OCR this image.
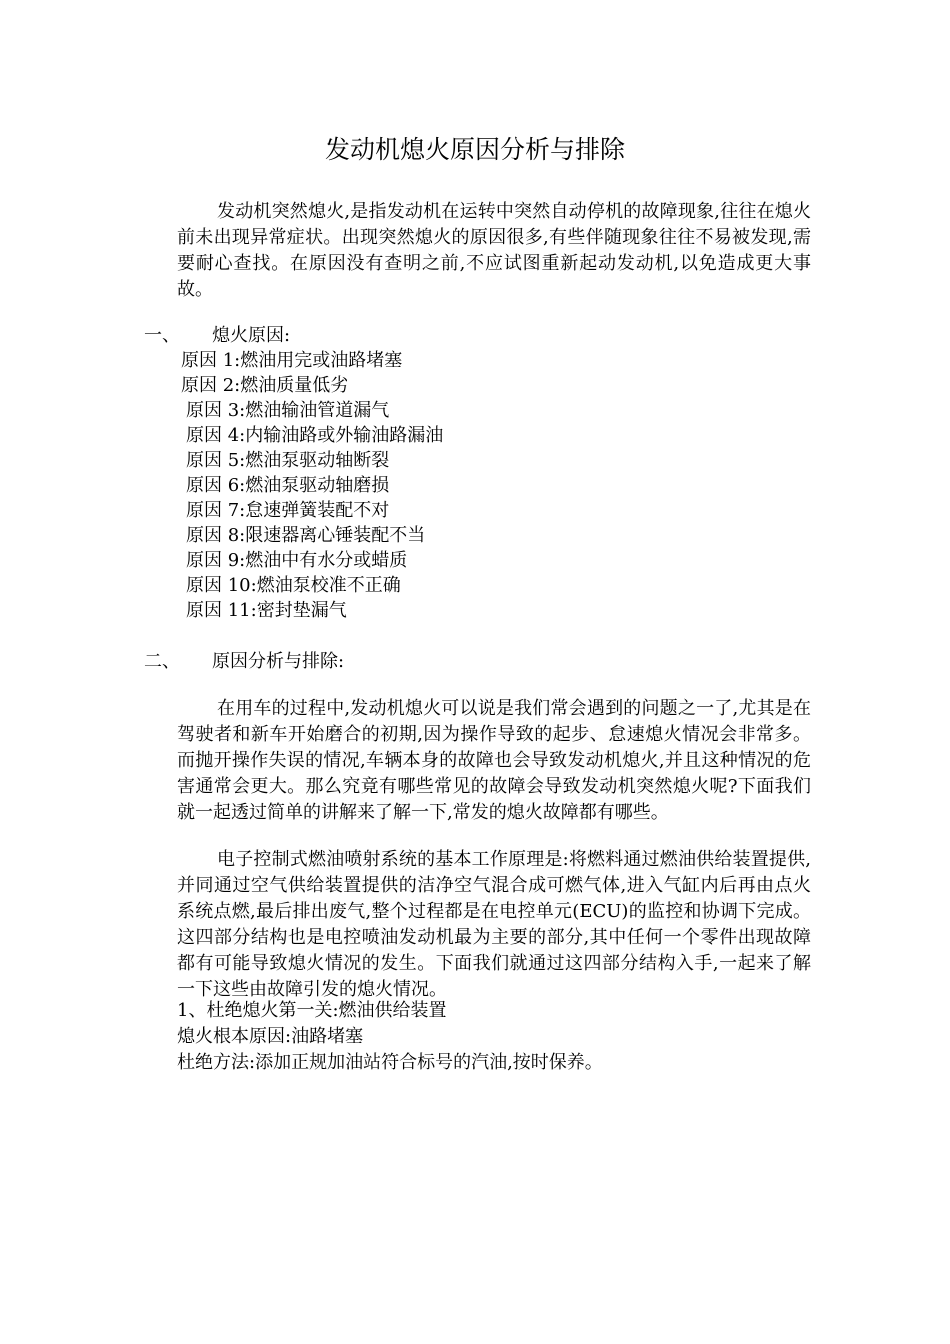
发动机熄火原因分析与排除

发动机突然熄火,是指发动机在运转中突然自动停机的故障现象,往往在熄火前未出现异常症状。出现突然熄火的原因很多,有些伴随现象往往不易被发现,需要耐心查找。在原因没有查明之前,不应试图重新起动发动机,以免造成更大事故。

一、 熄火原因:
原因 1:燃油用完或油路堵塞
原因 2:燃油质量低劣
原因 3:燃油输油管道漏气
原因 4:内输油路或外输油路漏油
原因 5:燃油泵驱动轴断裂
原因 6:燃油泵驱动轴磨损
原因 7:怠速弹簧装配不对
原因 8:限速器离心锤装配不当
原因 9:燃油中有水分或蜡质
原因 10:燃油泵校准不正确
原因 11:密封垫漏气
二、 原因分析与排除:

在用车的过程中,发动机熄火可以说是我们常会遇到的问题之一了,尤其是在驾驶者和新车开始磨合的初期,因为操作导致的起步、怠速熄火情况会非常多。而抛开操作失误的情况,车辆本身的故障也会导致发动机熄火,并且这种情况的危害通常会更大。那么究竟有哪些常见的故障会导致发动机突然熄火呢?下面我们就一起透过简单的讲解来了解一下,常发的熄火故障都有哪些。

电子控制式燃油喷射系统的基本工作原理是:将燃料通过燃油供给装置提供,并同通过空气供给装置提供的洁净空气混合成可燃气体,进入气缸内后再由点火系统点燃,最后排出废气,整个过程都是在电控单元(ECU)的监控和协调下完成。这四部分结构也是电控喷油发动机最为主要的部分,其中任何一个零件出现故障都有可能导致熄火情况的发生。下面我们就通过这四部分结构入手,一起来了解一下这些由故障引发的熄火情况。

1、杜绝熄火第一关:燃油供给装置
熄火根本原因:油路堵塞
杜绝方法:添加正规加油站符合标号的汽油,按时保养。
